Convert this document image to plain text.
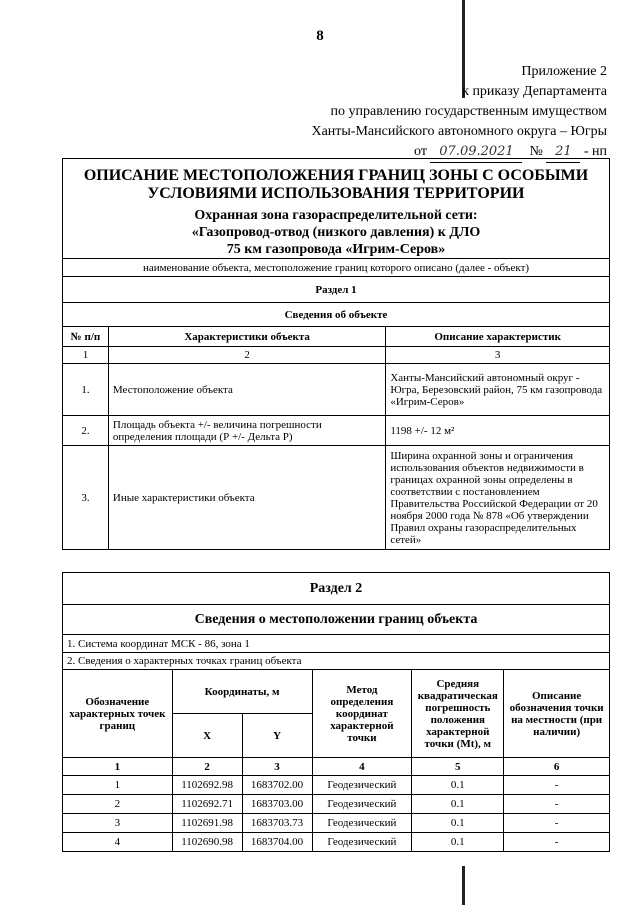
8
Приложение 2
к приказу Департамента
по управлению государственным имуществом
Ханты-Мансийского автономного округа – Югры
от 07.09.2021 № 21 - нп
ОПИСАНИЕ МЕСТОПОЛОЖЕНИЯ ГРАНИЦ ЗОНЫ С ОСОБЫМИ УСЛОВИЯМИ ИСПОЛЬЗОВАНИЯ ТЕРРИТОРИИ
Охранная зона газораспределительной сети:
«Газопровод-отвод (низкого давления) к ДЛО
75 км газопровода «Игрим-Серов»		

наименование объекта, местоположение границ которого описано (далее - объект)		
Раздел 1		
Сведения об объекте		
№ п/п	Характеристики объекта	Описание характеристик
1	2	3
1.	Местоположение объекта	Ханты-Мансийский автономный округ - Югра, Березовский район, 75 км газопровода «Игрим-Серов»
2.	Площадь объекта +/- величина погрешности определения площади (Р +/- Дельта Р)	1198 +/- 12 м²
3.	Иные характеристики объекта	Ширина охранной зоны и ограничения использования объектов недвижимости в границах охранной зоны определены в соответствии с постановлением Правительства Российской Федерации от 20 ноября 2000 года № 878 «Об утверждении Правил охраны газораспределительных сетей»
Раздел 2					
Сведения о местоположении границ объекта					
1. Система координат МСК - 86, зона 1					
2. Сведения о характерных точках границ объекта					
Обозначение характерных точек границ	Координаты, м		Метод определения координат характерной точки	Средняя квадратическая погрешность положения характерной точки (Mt), м	Описание обозначения точки на местности (при наличии)
	X	Y			
1	2	3	4	5	6
1	1102692.98	1683702.00	Геодезический	0.1	-
2	1102692.71	1683703.00	Геодезический	0.1	-
3	1102691.98	1683703.73	Геодезический	0.1	-
4	1102690.98	1683704.00	Геодезический	0.1	-
